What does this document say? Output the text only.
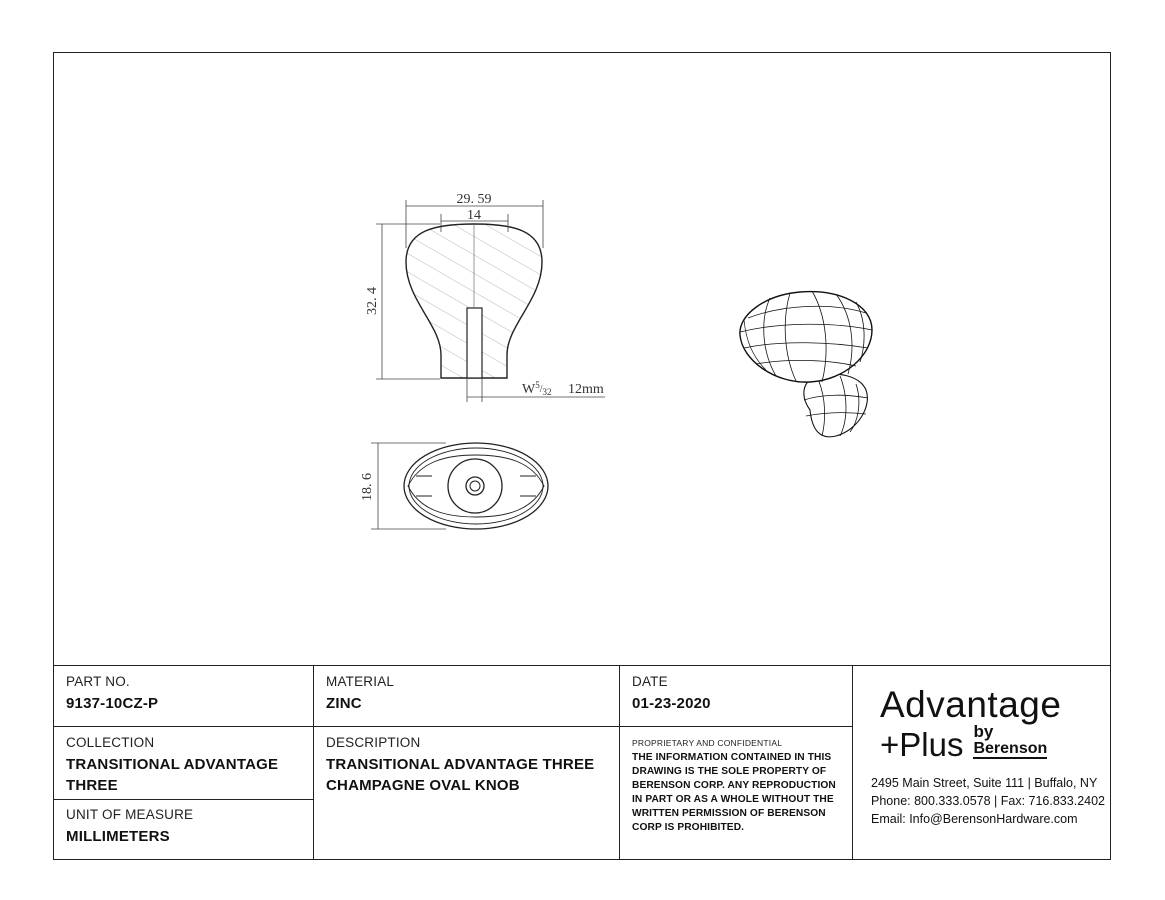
29. 59
14
32. 4
$W^5_{/32}$ 12mm
18. 6
PART NO.
9137-10CZ-P
MATERIAL
ZINC
DATE
01-23-2020
COLLECTION
TRANSITIONAL ADVANTAGE THREE
UNIT OF MEASURE
MILLIMETERS
DESCRIPTION
TRANSITIONAL ADVANTAGE THREE CHAMPAGNE OVAL KNOB
PROPRIETARY AND CONFIDENTIAL
THE INFORMATION CONTAINED IN THIS DRAWING IS THE SOLE PROPERTY OF BERENSON CORP. ANY REPRODUCTION IN PART OR AS A WHOLE WITHOUT THE WRITTEN PERMISSION OF BERENSON CORP IS PROHIBITED.
Advantage
+Plus by
Berenson
2495 Main Street, Suite 111 | Buffalo, NY
Phone: 800.333.0578 | Fax: 716.833.2402
Email: Info@BerensonHardware.com
